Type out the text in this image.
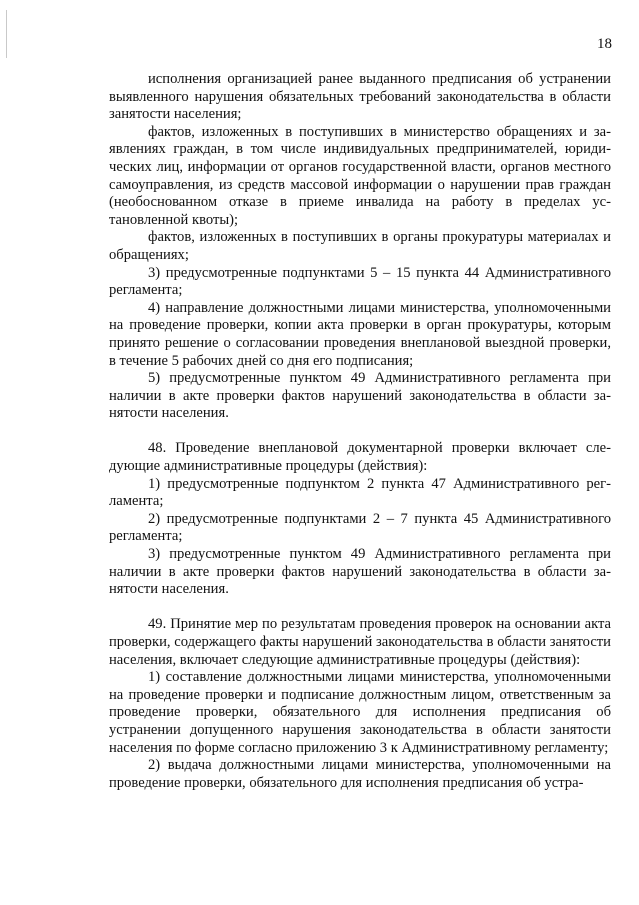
18

исполнения организацией ранее выданного предписания об устранении выявленного нарушения обязательных требований законодательства в области занятости населения;

фактов, изложенных в поступивших в министерство обращениях и заявлениях граждан, в том числе индивидуальных предпринимателей, юридических лиц, информации от органов государственной власти, органов местного самоуправления, из средств массовой информации о нарушении прав граждан (необоснованном отказе в приеме инвалида на работу в пределах установленной квоты);

фактов, изложенных в поступивших в органы прокуратуры материалах и обращениях;

3) предусмотренные подпунктами 5 – 15 пункта 44 Административного регламента;

4) направление должностными лицами министерства, уполномоченными на проведение проверки, копии акта проверки в орган прокуратуры, которым принято решение о согласовании проведения внеплановой выездной проверки, в течение 5 рабочих дней со дня его подписания;

5) предусмотренные пунктом 49 Административного регламента при наличии в акте проверки фактов нарушений законодательства в области занятости населения.

48. Проведение внеплановой документарной проверки включает следующие административные процедуры (действия):

1) предусмотренные подпунктом 2 пункта 47 Административного регламента;

2) предусмотренные подпунктами 2 – 7 пункта 45 Административного регламента;

3) предусмотренные пунктом 49 Административного регламента при наличии в акте проверки фактов нарушений законодательства в области занятости населения.

49. Принятие мер по результатам проведения проверок на основании акта проверки, содержащего факты нарушений законодательства в области занятости населения, включает следующие административные процедуры (действия):

1) составление должностными лицами министерства, уполномоченными на проведение проверки и подписание должностным лицом, ответственным за проведение проверки, обязательного для исполнения предписания об устранении допущенного нарушения законодательства в области занятости населения по форме согласно приложению 3 к Административному регламенту;

2) выдача должностными лицами министерства, уполномоченными на проведение проверки, обязательного для исполнения предписания об устра-
